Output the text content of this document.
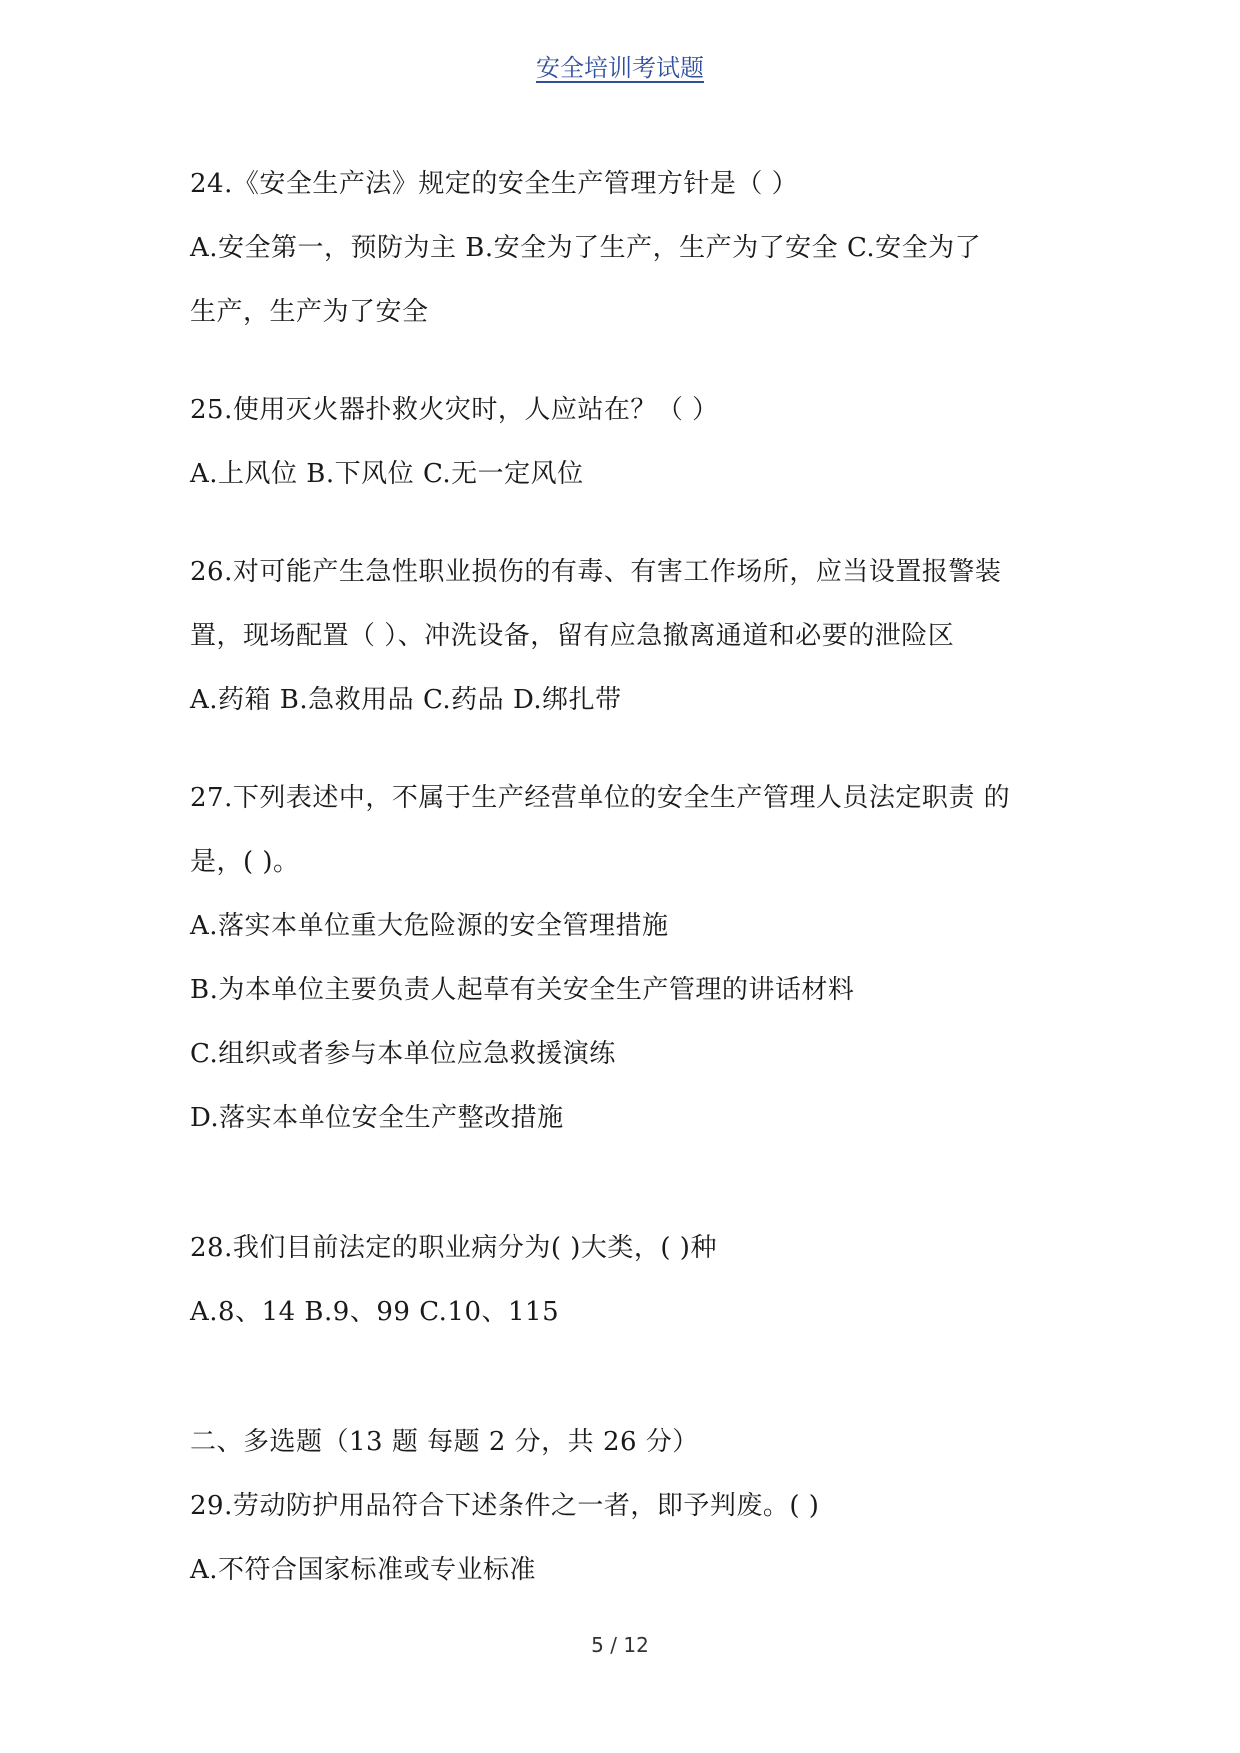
安全培训考试题
24.《安全生产法》规定的安全生产管理方针是（ ）
A.安全第一，预防为主 B.安全为了生产，生产为了安全 C.安全为了
生产，生产为了安全
25.使用灭火器扑救火灾时，人应站在？（ ）
A.上风位 B.下风位 C.无一定风位
26.对可能产生急性职业损伤的有毒、有害工作场所，应当设置报警装
置，现场配置（ ）、冲洗设备，留有应急撤离通道和必要的泄险区
A.药箱 B.急救用品 C.药品 D.绑扎带
27.下列表述中，不属于生产经营单位的安全生产管理人员法定职责 的
是，( )。
A.落实本单位重大危险源的安全管理措施
B.为本单位主要负责人起草有关安全生产管理的讲话材料
C.组织或者参与本单位应急救援演练
D.落实本单位安全生产整改措施
28.我们目前法定的职业病分为( )大类，( )种
A.8、14 B.9、99 C.10、115
二、多选题（13 题 每题 2 分，共 26 分）
29.劳动防护用品符合下述条件之一者，即予判废。( )
A.不符合国家标准或专业标准
5 / 12
